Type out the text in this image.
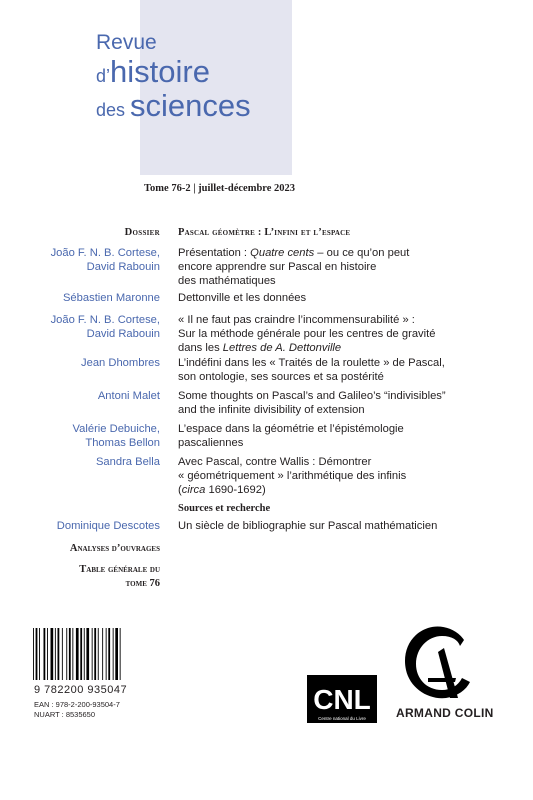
Revue
d’histoire
des sciences
Tome 76-2 | juillet-décembre 2023
Dossier Pascal géomètre : L’infini et l’espace
João F. N. B. Cortese,
David Rabouin
Présentation : Quatre cents – ou ce qu’on peut
encore apprendre sur Pascal en histoire
des mathématiques
Sébastien Maronne Dettonville et les données
João F. N. B. Cortese,
David Rabouin
« Il ne faut pas craindre l’incommensurabilité » :
Sur la méthode générale pour les centres de gravité
dans les Lettres de A. Dettonville
Jean Dhombres L’indéfini dans les « Traités de la roulette » de Pascal,
son ontologie, ses sources et sa postérité
Antoni Malet Some thoughts on Pascal’s and Galileo’s “indivisibles”
and the infinite divisibility of extension
Valérie Debuiche,
Thomas Bellon
L’espace dans la géométrie et l’épistémologie
pascaliennes
Sandra Bella Avec Pascal, contre Wallis : Démontrer
« géométriquement » l’arithmétique des infinis
(circa 1690-1692)
Sources et recherche
Dominique Descotes Un siècle de bibliographie sur Pascal mathématicien
Analyses d’ouvrages
Table générale du
tome 76
9 782200 935047
EAN : 978-2-200-93504-7
NUART : 8535650	CNL
Centre national du Livre	ARMAND COLIN
